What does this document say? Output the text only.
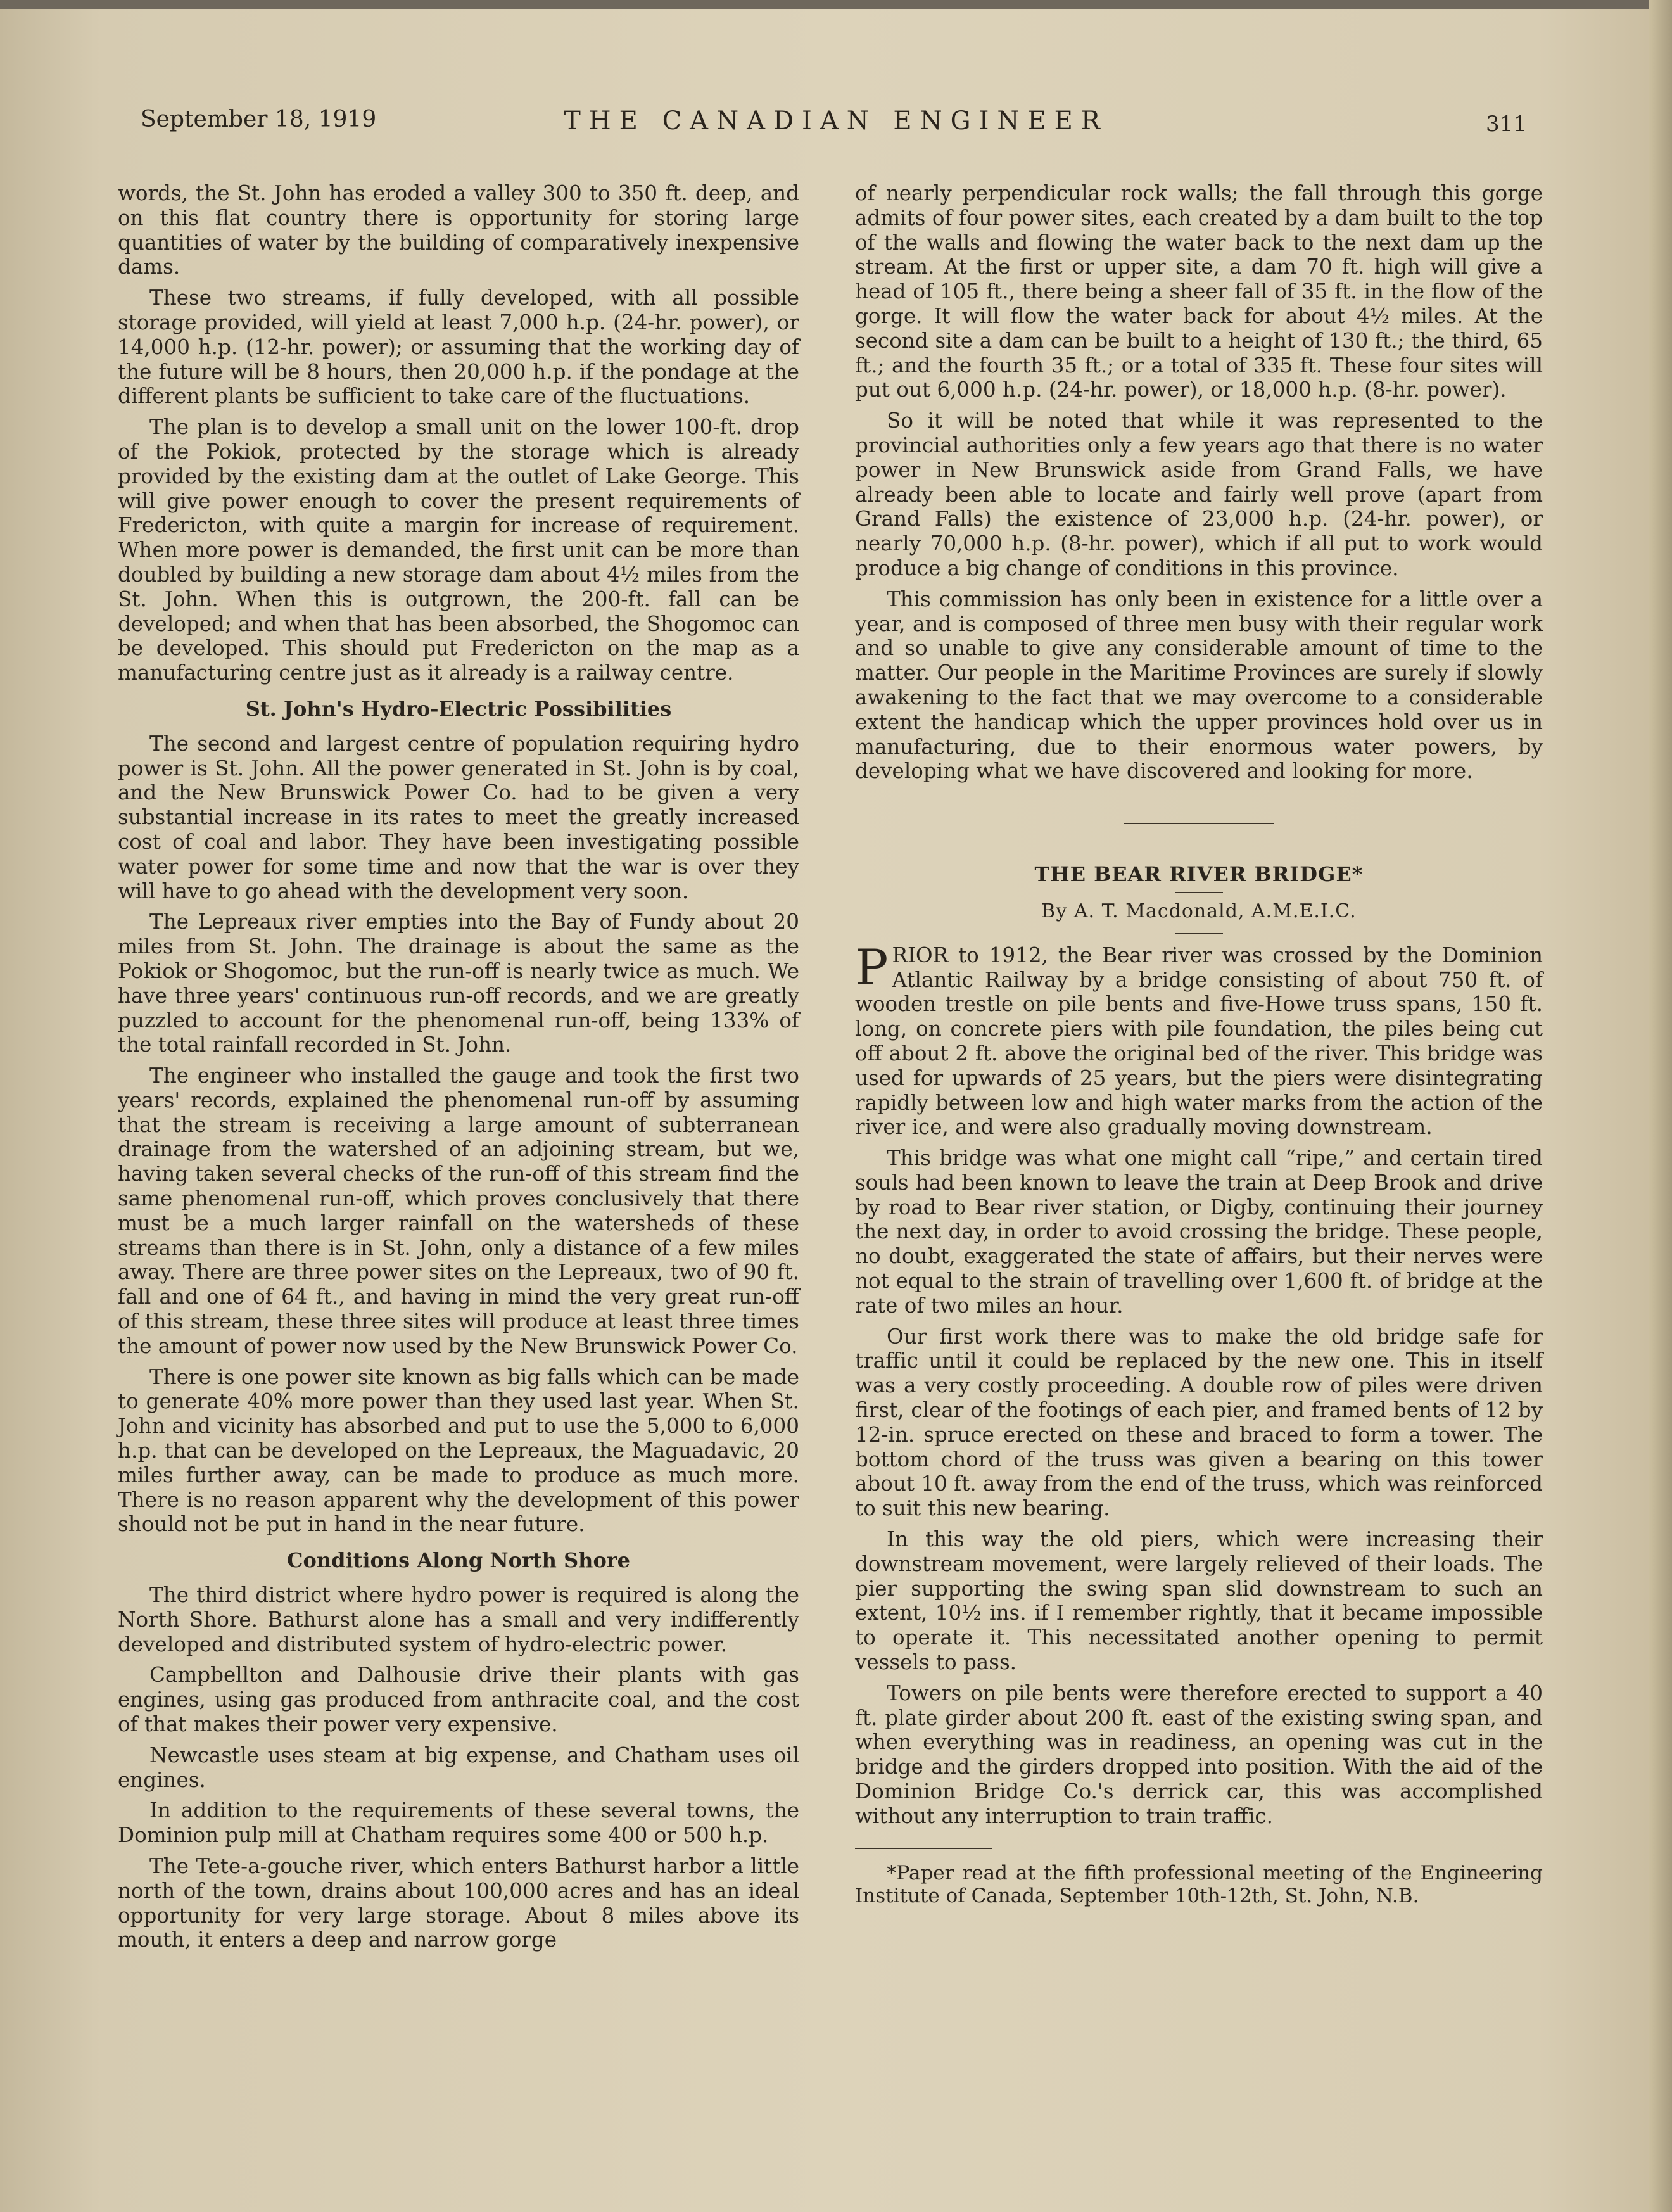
September 18, 1919	THE CANADIAN ENGINEER	311

words, the St. John has eroded a valley 300 to 350 ft. deep, and on this flat country there is opportunity for storing large quantities of water by the building of comparatively inexpensive dams.

These two streams, if fully developed, with all possible storage provided, will yield at least 7,000 h.p. (24-hr. power), or 14,000 h.p. (12-hr. power); or assuming that the working day of the future will be 8 hours, then 20,000 h.p. if the pondage at the different plants be sufficient to take care of the fluctuations.

The plan is to develop a small unit on the lower 100-ft. drop of the Pokiok, protected by the storage which is already provided by the existing dam at the outlet of Lake George. This will give power enough to cover the present requirements of Fredericton, with quite a margin for increase of requirement. When more power is demanded, the first unit can be more than doubled by building a new storage dam about 4½ miles from the St. John. When this is outgrown, the 200-ft. fall can be developed; and when that has been absorbed, the Shogomoc can be developed. This should put Fredericton on the map as a manufacturing centre just as it already is a railway centre.

St. John's Hydro-Electric Possibilities

The second and largest centre of population requiring hydro power is St. John. All the power generated in St. John is by coal, and the New Brunswick Power Co. had to be given a very substantial increase in its rates to meet the greatly increased cost of coal and labor. They have been investigating possible water power for some time and now that the war is over they will have to go ahead with the development very soon.

The Lepreaux river empties into the Bay of Fundy about 20 miles from St. John. The drainage is about the same as the Pokiok or Shogomoc, but the run-off is nearly twice as much. We have three years' continuous run-off records, and we are greatly puzzled to account for the phenomenal run-off, being 133% of the total rainfall recorded in St. John.

The engineer who installed the gauge and took the first two years' records, explained the phenomenal run-off by assuming that the stream is receiving a large amount of subterranean drainage from the watershed of an adjoining stream, but we, having taken several checks of the run-off of this stream find the same phenomenal run-off, which proves conclusively that there must be a much larger rainfall on the watersheds of these streams than there is in St. John, only a distance of a few miles away. There are three power sites on the Lepreaux, two of 90 ft. fall and one of 64 ft., and having in mind the very great run-off of this stream, these three sites will produce at least three times the amount of power now used by the New Brunswick Power Co.

There is one power site known as big falls which can be made to generate 40% more power than they used last year. When St. John and vicinity has absorbed and put to use the 5,000 to 6,000 h.p. that can be developed on the Lepreaux, the Maguadavic, 20 miles further away, can be made to produce as much more. There is no reason apparent why the development of this power should not be put in hand in the near future.

Conditions Along North Shore

The third district where hydro power is required is along the North Shore. Bathurst alone has a small and very indifferently developed and distributed system of hydro-electric power.

Campbellton and Dalhousie drive their plants with gas engines, using gas produced from anthracite coal, and the cost of that makes their power very expensive.

Newcastle uses steam at big expense, and Chatham uses oil engines.

In addition to the requirements of these several towns, the Dominion pulp mill at Chatham requires some 400 or 500 h.p.

The Tete-a-gouche river, which enters Bathurst harbor a little north of the town, drains about 100,000 acres and has an ideal opportunity for very large storage. About 8 miles above its mouth, it enters a deep and narrow gorge

of nearly perpendicular rock walls; the fall through this gorge admits of four power sites, each created by a dam built to the top of the walls and flowing the water back to the next dam up the stream. At the first or upper site, a dam 70 ft. high will give a head of 105 ft., there being a sheer fall of 35 ft. in the flow of the gorge. It will flow the water back for about 4½ miles. At the second site a dam can be built to a height of 130 ft.; the third, 65 ft.; and the fourth 35 ft.; or a total of 335 ft. These four sites will put out 6,000 h.p. (24-hr. power), or 18,000 h.p. (8-hr. power).

So it will be noted that while it was represented to the provincial authorities only a few years ago that there is no water power in New Brunswick aside from Grand Falls, we have already been able to locate and fairly well prove (apart from Grand Falls) the existence of 23,000 h.p. (24-hr. power), or nearly 70,000 h.p. (8-hr. power), which if all put to work would produce a big change of conditions in this province.

This commission has only been in existence for a little over a year, and is composed of three men busy with their regular work and so unable to give any considerable amount of time to the matter. Our people in the Maritime Provinces are surely if slowly awakening to the fact that we may overcome to a considerable extent the handicap which the upper provinces hold over us in manufacturing, due to their enormous water powers, by developing what we have discovered and looking for more.

THE BEAR RIVER BRIDGE*
By A. T. Macdonald, A.M.E.I.C.

PRIOR to 1912, the Bear river was crossed by the Dominion Atlantic Railway by a bridge consisting of about 750 ft. of wooden trestle on pile bents and five-Howe truss spans, 150 ft. long, on concrete piers with pile foundation, the piles being cut off about 2 ft. above the original bed of the river. This bridge was used for upwards of 25 years, but the piers were disintegrating rapidly between low and high water marks from the action of the river ice, and were also gradually moving downstream.

This bridge was what one might call “ripe,” and certain tired souls had been known to leave the train at Deep Brook and drive by road to Bear river station, or Digby, continuing their journey the next day, in order to avoid crossing the bridge. These people, no doubt, exaggerated the state of affairs, but their nerves were not equal to the strain of travelling over 1,600 ft. of bridge at the rate of two miles an hour.

Our first work there was to make the old bridge safe for traffic until it could be replaced by the new one. This in itself was a very costly proceeding. A double row of piles were driven first, clear of the footings of each pier, and framed bents of 12 by 12-in. spruce erected on these and braced to form a tower. The bottom chord of the truss was given a bearing on this tower about 10 ft. away from the end of the truss, which was reinforced to suit this new bearing.

In this way the old piers, which were increasing their downstream movement, were largely relieved of their loads. The pier supporting the swing span slid downstream to such an extent, 10½ ins. if I remember rightly, that it became impossible to operate it. This necessitated another opening to permit vessels to pass.

Towers on pile bents were therefore erected to support a 40 ft. plate girder about 200 ft. east of the existing swing span, and when everything was in readiness, an opening was cut in the bridge and the girders dropped into position. With the aid of the Dominion Bridge Co.'s derrick car, this was accomplished without any interruption to train traffic.

*Paper read at the fifth professional meeting of the Engineering Institute of Canada, September 10th-12th, St. John, N.B.
